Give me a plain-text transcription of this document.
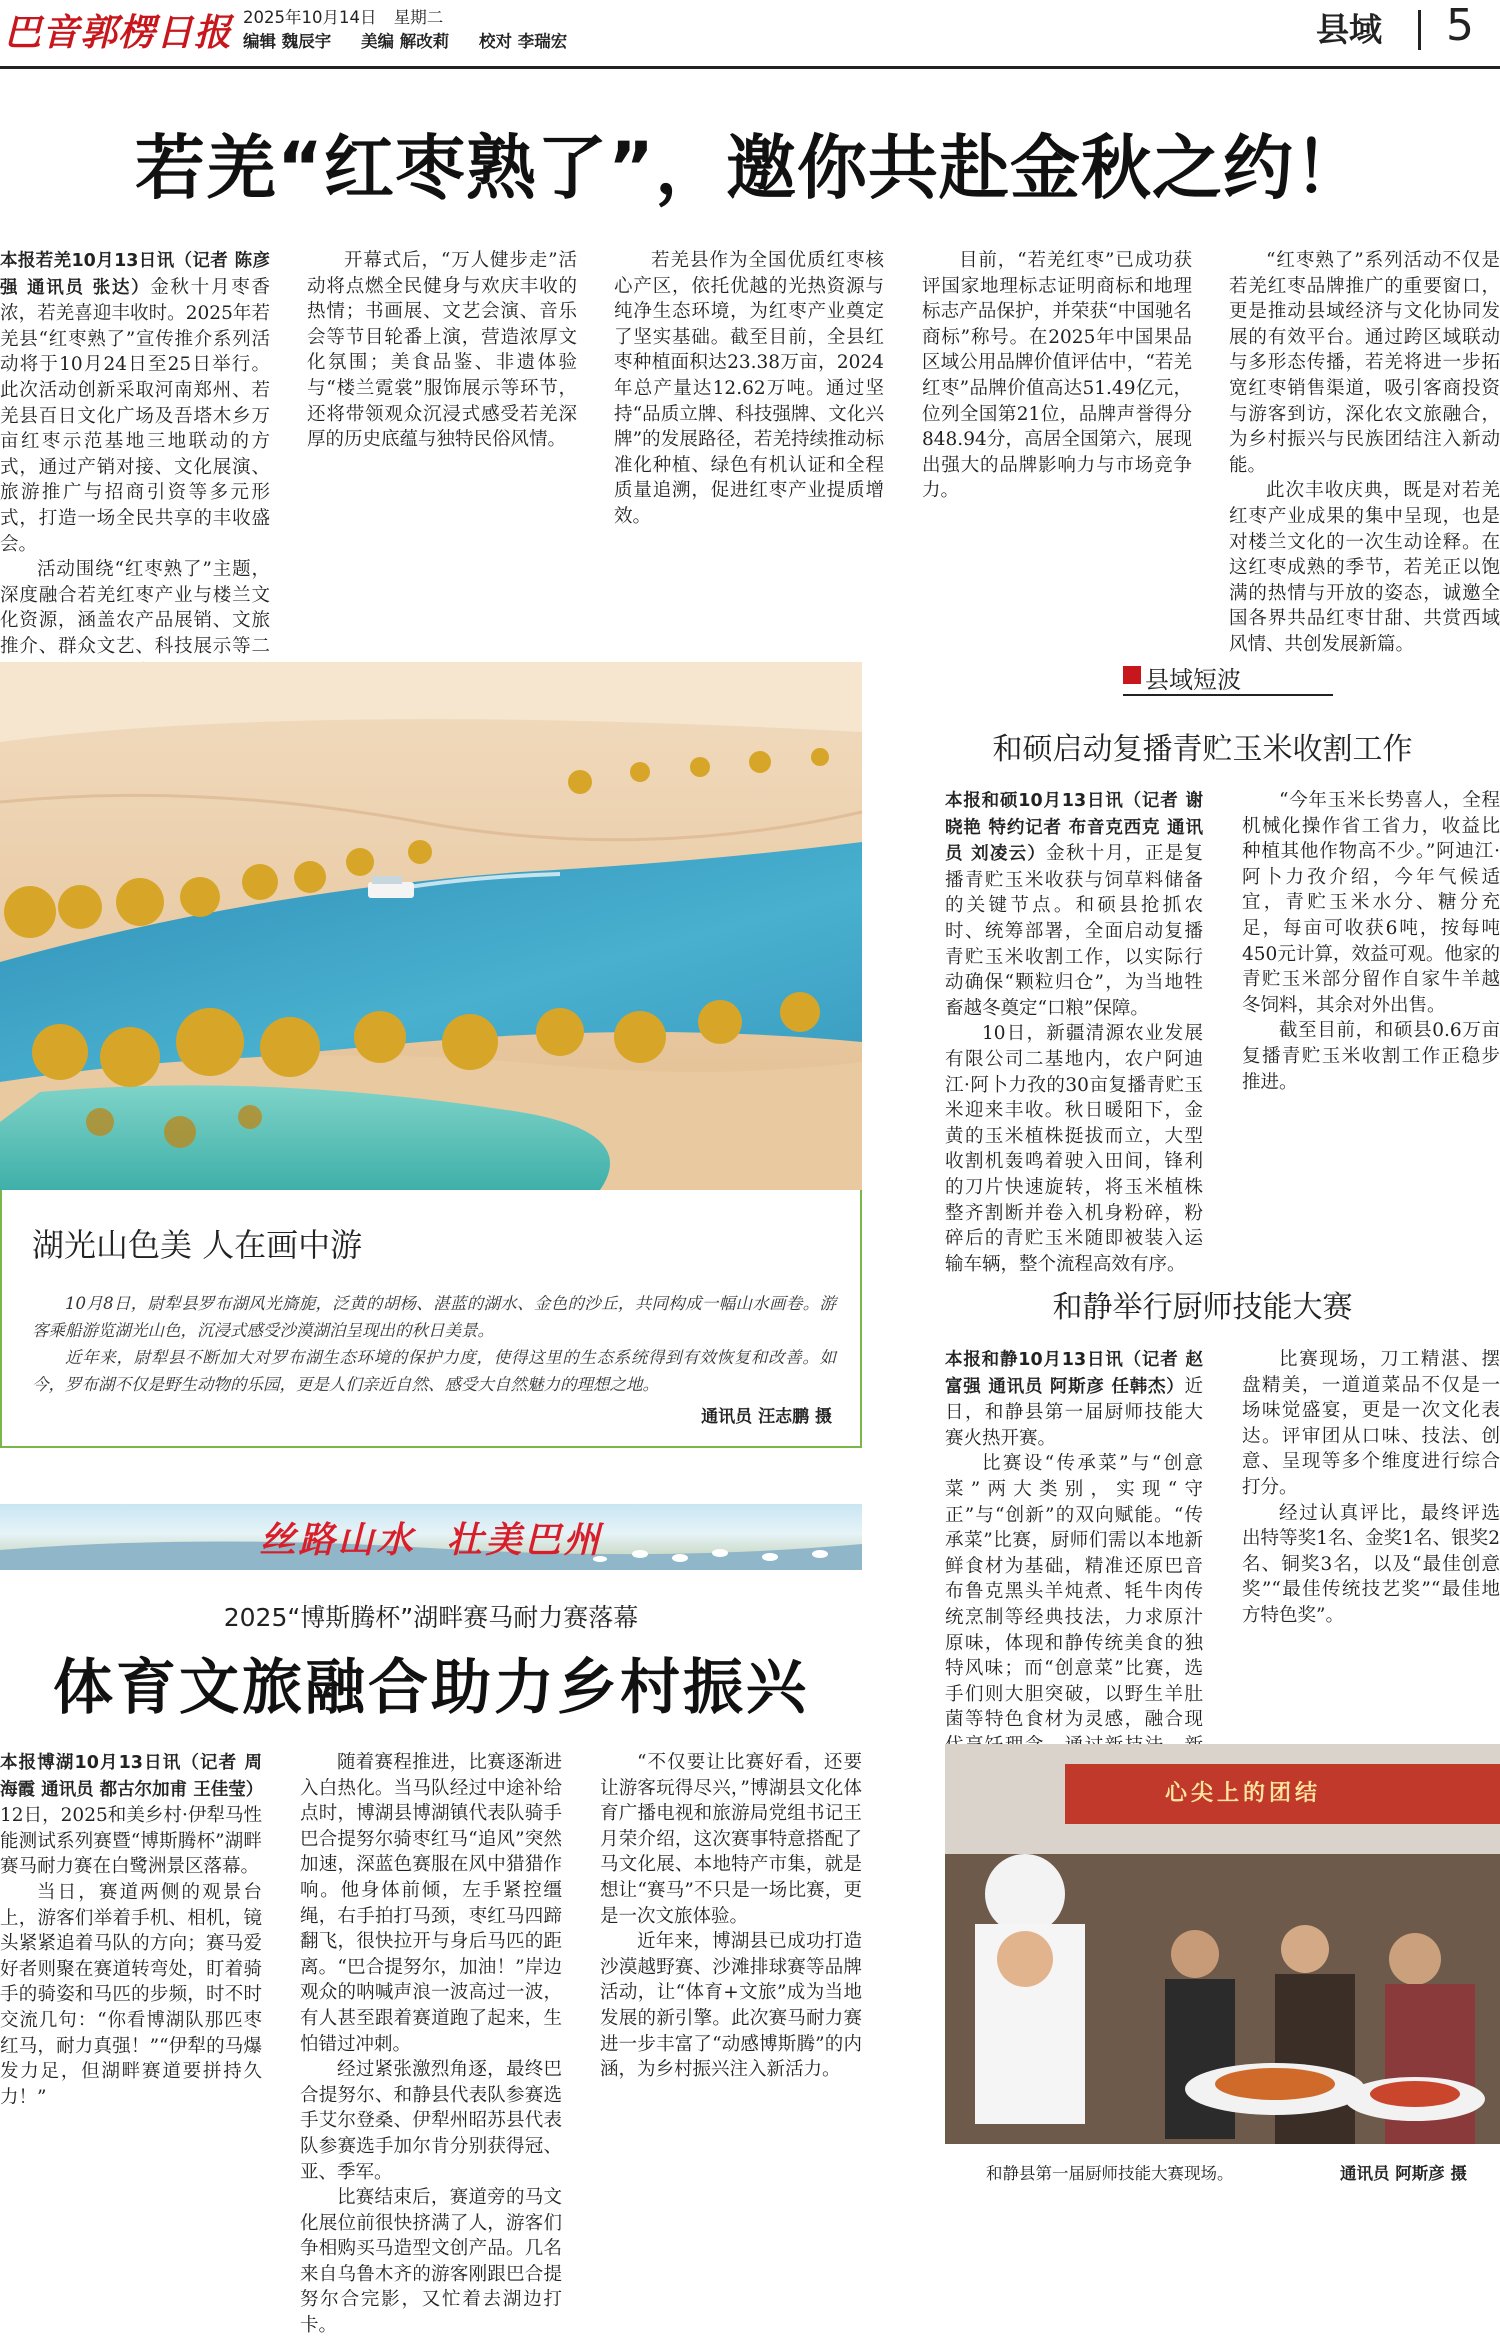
巴音郭楞日报 2025年10月14日 星期二
编辑 魏辰宇 美编 解改莉 校对 李瑞宏	县域 5
若羌“红枣熟了”，邀你共赴金秋之约！

本报若羌10月13日讯（记者 陈彦强 通讯员 张达）金秋十月枣香浓，若羌喜迎丰收时。2025年若羌县“红枣熟了”宣传推介系列活动将于10月24日至25日举行。此次活动创新采取河南郑州、若羌县百日文化广场及吾塔木乡万亩红枣示范基地三地联动的方式，通过产销对接、文化展演、旅游推广与招商引资等多元形式，打造一场全民共享的丰收盛会。

活动围绕“红枣熟了”主题，深度融合若羌红枣产业与楼兰文化资源，涵盖农产品展销、文旅推介、群众文艺、科技展示等二

开幕式后，“万人健步走”活动将点燃全民健身与欢庆丰收的热情；书画展、文艺会演、音乐会等节目轮番上演，营造浓厚文化氛围；美食品鉴、非遗体验与“楼兰霓裳”服饰展示等环节，还将带领观众沉浸式感受若羌深厚的历史底蕴与独特民俗风情。

若羌县作为全国优质红枣核心产区，依托优越的光热资源与纯净生态环境，为红枣产业奠定了坚实基础。截至目前，全县红枣种植面积达23.38万亩，2024年总产量达12.62万吨。通过坚持“品质立牌、科技强牌、文化兴牌”的发展路径，若羌持续推动标准化种植、绿色有机认证和全程质量追溯，促进红枣产业提质增效。

目前，“若羌红枣”已成功获评国家地理标志证明商标和地理标志产品保护，并荣获“中国驰名商标”称号。在2025年中国果品区域公用品牌价值评估中，“若羌红枣”品牌价值高达51.49亿元，位列全国第21位，品牌声誉得分848.94分，高居全国第六，展现出强大的品牌影响力与市场竞争力。

“红枣熟了”系列活动不仅是若羌红枣品牌推广的重要窗口，更是推动县域经济与文化协同发展的有效平台。通过跨区域联动与多形态传播，若羌将进一步拓宽红枣销售渠道，吸引客商投资与游客到访，深化农文旅融合，为乡村振兴与民族团结注入新动能。

此次丰收庆典，既是对若羌红枣产业成果的集中呈现，也是对楼兰文化的一次生动诠释。在这红枣成熟的季节，若羌正以饱满的热情与开放的姿态，诚邀全国各界共品红枣甘甜、共赏西域风情、共创发展新篇。

湖光山色美 人在画中游

10月8日，尉犁县罗布湖风光旖旎，泛黄的胡杨、湛蓝的湖水、金色的沙丘，共同构成一幅山水画卷。游客乘船游览湖光山色，沉浸式感受沙漠湖泊呈现出的秋日美景。

近年来，尉犁县不断加大对罗布湖生态环境的保护力度，使得这里的生态系统得到有效恢复和改善。如今，罗布湖不仅是野生动物的乐园，更是人们亲近自然、感受大自然魅力的理想之地。

通讯员 汪志鹏 摄
县域短波
和硕启动复播青贮玉米收割工作

本报和硕10月13日讯（记者 谢晓艳 特约记者 布音克西克 通讯员 刘凌云）金秋十月，正是复播青贮玉米收获与饲草料储备的关键节点。和硕县抢抓农时、统筹部署，全面启动复播青贮玉米收割工作，以实际行动确保“颗粒归仓”，为当地牲畜越冬奠定“口粮”保障。

10日，新疆清源农业发展有限公司二基地内，农户阿迪江·阿卜力孜的30亩复播青贮玉米迎来丰收。秋日暖阳下，金黄的玉米植株挺拔而立，大型收割机轰鸣着驶入田间，锋利的刀片快速旋转，将玉米植株整齐割断并卷入机身粉碎，粉碎后的青贮玉米随即被装入运输车辆，整个流程高效有序。

“今年玉米长势喜人，全程机械化操作省工省力，收益比种植其他作物高不少。”阿迪江·阿卜力孜介绍，今年气候适宜，青贮玉米水分、糖分充足，每亩可收获6吨，按每吨450元计算，效益可观。他家的青贮玉米部分留作自家牛羊越冬饲料，其余对外出售。

截至目前，和硕县0.6万亩复播青贮玉米收割工作正稳步推进。

和静举行厨师技能大赛

本报和静10月13日讯（记者 赵富强 通讯员 阿斯彦 任韩杰）近日，和静县第一届厨师技能大赛火热开赛。

比赛设“传承菜”与“创意菜”两大类别，实现“守正”与“创新”的双向赋能。“传承菜”比赛，厨师们需以本地新鲜食材为基础，精准还原巴音布鲁克黑头羊炖煮、牦牛肉传统烹制等经典技法，力求原汁原味，体现和静传统美食的独特风味；而“创意菜”比赛，选手们则大胆突破，以野生羊肚菌等特色食材为灵感，融合现

比赛现场，刀工精湛、摆盘精美，一道道菜品不仅是一场味觉盛宴，更是一次文化表达。评审团从口味、技法、创意、呈现等多个维度进行综合打分。

经过认真评比，最终评选出特等奖1名、金奖1名、银奖2名、铜奖3名，以及“最佳创意奖”“最佳传统技艺奖”“最佳地方特色奖”。

心尖上的团结
和静县第一届厨师技能大赛现场。	通讯员 阿斯彦 摄
丝路山水  壮美巴州
2025“博斯腾杯”湖畔赛马耐力赛落幕
体育文旅融合助力乡村振兴

本报博湖10月13日讯（记者 周海霞 通讯员 都古尔加甫 王佳莹）12日，2025和美乡村·伊犁马性能测试系列赛暨“博斯腾杯”湖畔赛马耐力赛在白鹭洲景区落幕。

当日，赛道两侧的观景台上，游客们举着手机、相机，镜头紧紧追着马队的方向；赛马爱好者则聚在赛道转弯处，盯着骑手的骑姿和马匹的步频，时不时交流几句：“你看博湖队那匹枣红马，耐力真强！”“伊犁的马爆发力足，但湖畔赛道要拼持久力！”

随着赛程推进，比赛逐渐进入白热化。当马队经过中途补给点时，博湖县博湖镇代表队骑手巴合提努尔骑枣红马“追风”突然加速，深蓝色赛服在风中猎猎作响。他身体前倾，左手紧控缰绳，右手拍打马颈，枣红马四蹄翻飞，很快拉开与身后马匹的距离。“巴合提努尔，加油！”岸边观众的呐喊声浪一波高过一波，有人甚至跟着赛道跑了起来，生怕错过冲刺。

经过紧张激烈角逐，最终巴合提努尔、和静县代表队参赛选手艾尔登桑、伊犁州昭苏县代表队参赛选手加尔肯分别获得冠、亚、季军。

比赛结束后，赛道旁的马文化展位前很快挤满了人，游客们争相购买马造型文创产品。几名来自乌鲁木齐的游客刚跟巴合提努尔合完影，又忙着去湖边打卡。

“不仅要让比赛好看，还要让游客玩得尽兴，”博湖县文化体育广播电视和旅游局党组书记王月荣介绍，这次赛事特意搭配了马文化展、本地特产市集，就是想让“赛马”不只是一场比赛，更是一次文旅体验。

近年来，博湖县已成功打造沙漠越野赛、沙滩排球赛等品牌活动，让“体育+文旅”成为当地发展的新引擎。此次赛马耐力赛进一步丰富了“动感博斯腾”的内涵，为乡村振兴注入新活力。
